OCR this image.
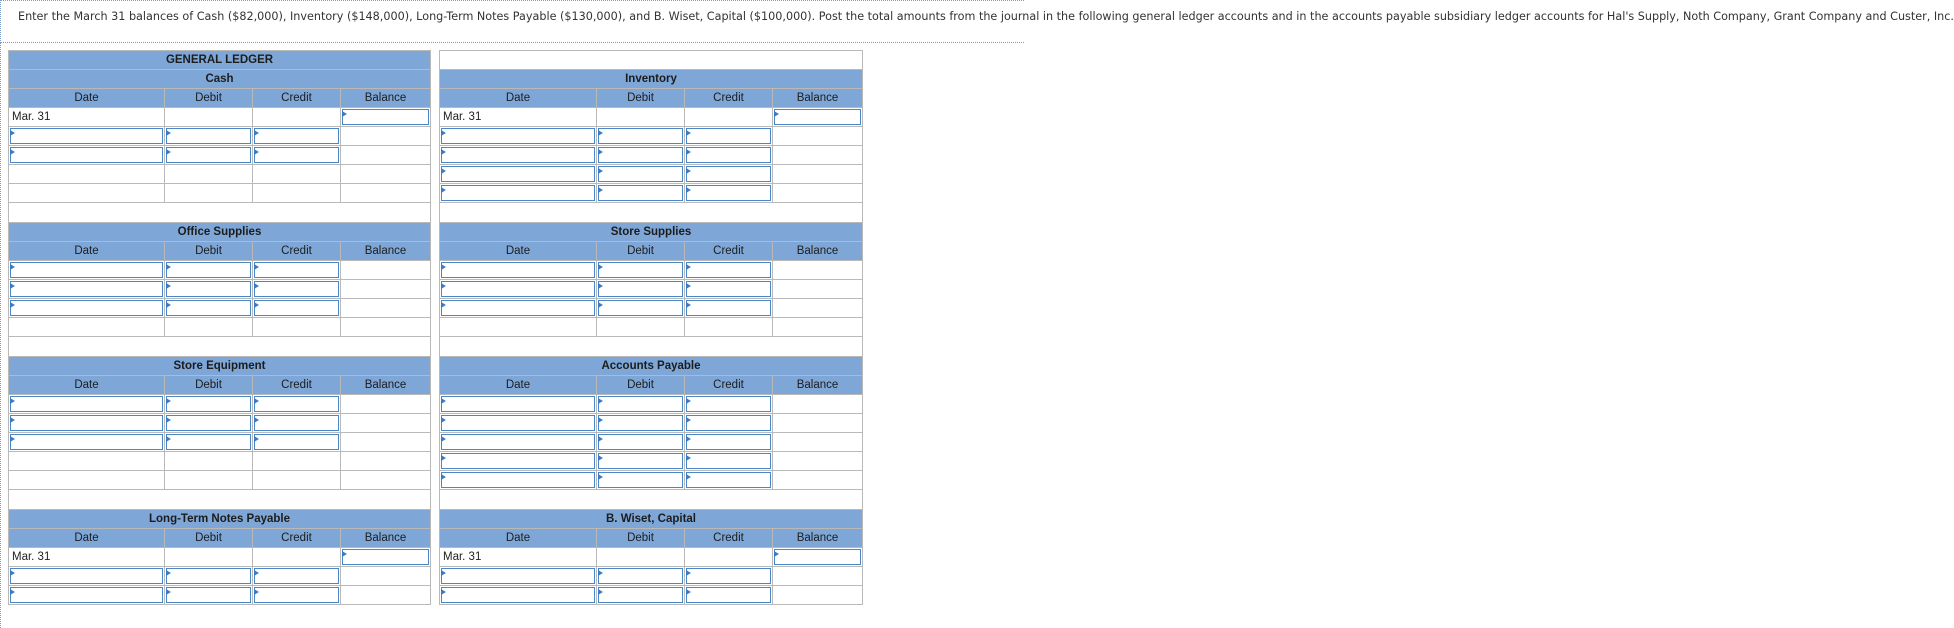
Enter the March 31 balances of Cash ($82,000), Inventory ($148,000), Long-Term Notes Payable ($130,000), and B. Wiset, Capital ($100,000). Post the total amounts from the journal in the following general ledger accounts and in the accounts payable subsidiary ledger accounts for Hal's Supply, Noth Company, Grant Company and Custer, Inc.
GENERAL LEDGER			
Cash			
Date	Debit	Credit	Balance
Mar. 31			

Office Supplies			
Date	Debit	Credit	Balance

Store Equipment			
Date	Debit	Credit	Balance

Long-Term Notes Payable			
Date	Debit	Credit	Balance
Mar. 31			

Inventory			
Date	Debit	Credit	Balance
Mar. 31			

Store Supplies			
Date	Debit	Credit	Balance

Accounts Payable			
Date	Debit	Credit	Balance

B. Wiset, Capital			
Date	Debit	Credit	Balance
Mar. 31			
